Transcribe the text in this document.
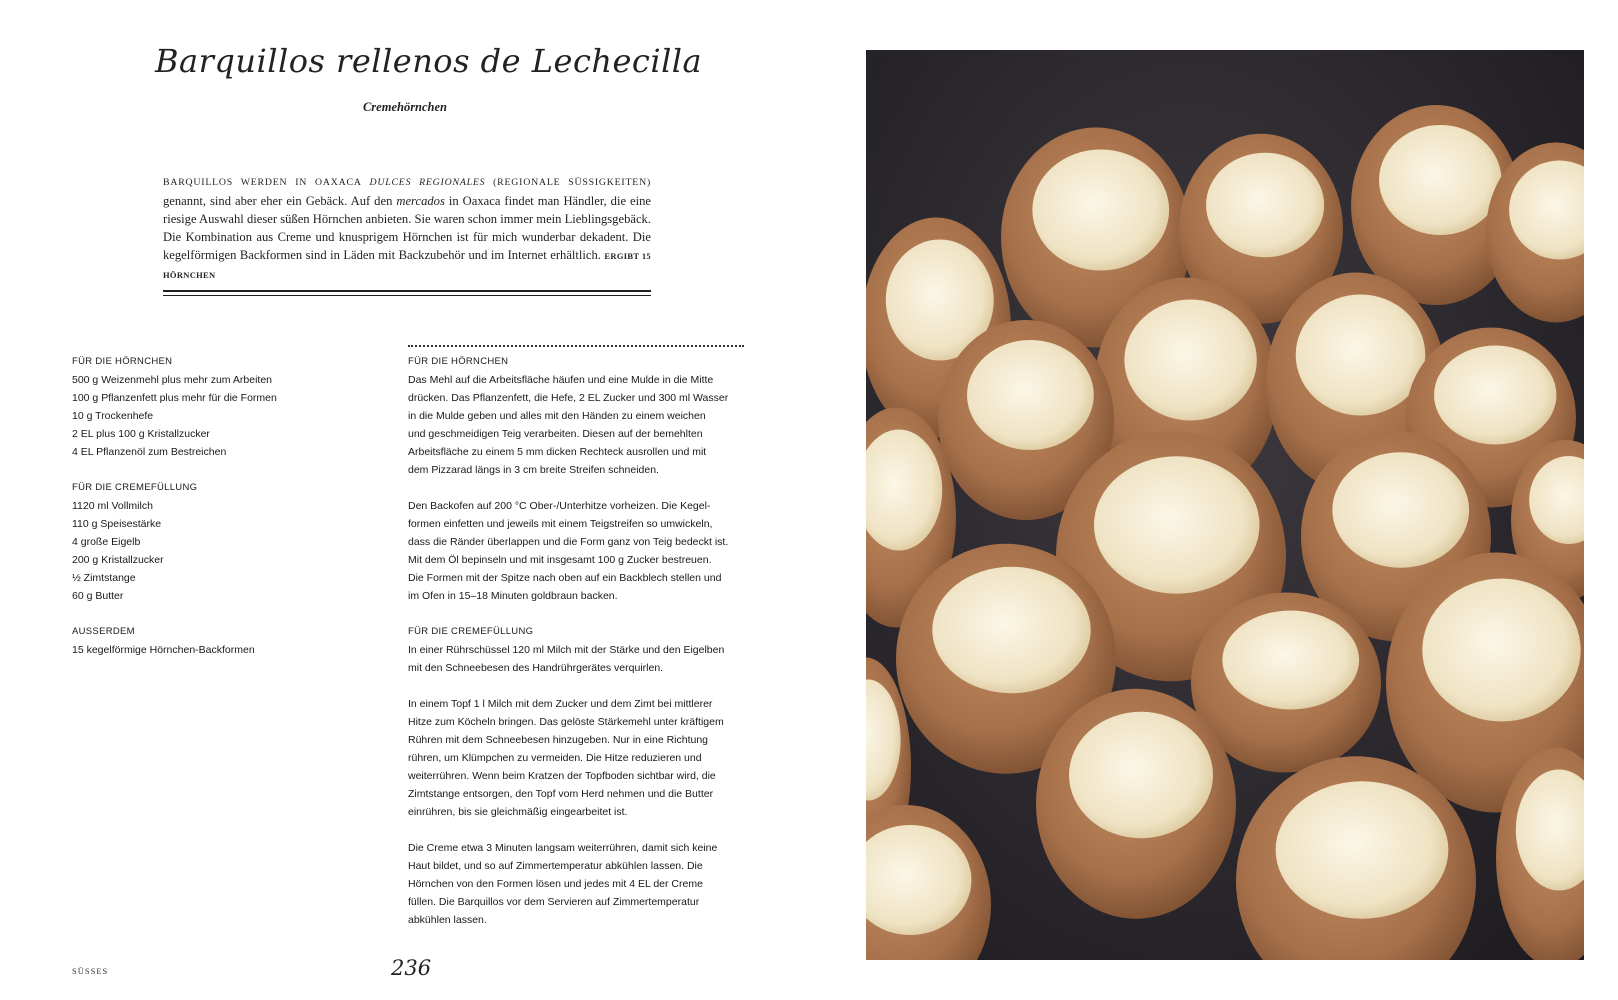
Barquillos rellenos de Lechecilla
Cremehörnchen
BARQUILLOS WERDEN IN OAXACA DULCES REGIONALES (REGIONALE SÜSSIGKEITEN) genannt, sind aber eher ein Gebäck. Auf den mercados in Oaxaca findet man Händler, die eine riesige Auswahl dieser süßen Hörnchen anbieten. Sie waren schon immer mein Lieblingsgebäck. Die Kombination aus Creme und knusprigem Hörnchen ist für mich wunderbar dekadent. Die kegelförmigen Backformen sind in Läden mit Backzubehör und im Internet erhältlich. ERGIBT 15 HÖRNCHEN
FÜR DIE HÖRNCHEN
500 g Weizenmehl plus mehr zum Arbeiten
100 g Pflanzenfett plus mehr für die Formen
10 g Trockenhefe
2 EL plus 100 g Kristallzucker
4 EL Pflanzenöl zum Bestreichen
FÜR DIE CREMEFÜLLUNG
1120 ml Vollmilch
110 g Speisestärke
4 große Eigelb
200 g Kristallzucker
½ Zimtstange
60 g Butter
AUSSERDEM
15 kegelförmige Hörnchen-Backformen
FÜR DIE HÖRNCHEN

Das Mehl auf die Arbeitsfläche häufen und eine Mulde in die Mitte
drücken. Das Pflanzenfett, die Hefe, 2 EL Zucker und 300 ml Wasser
in die Mulde geben und alles mit den Händen zu einem weichen
und geschmeidigen Teig verarbeiten. Diesen auf der bemehlten
Arbeitsfläche zu einem 5 mm dicken Rechteck ausrollen und mit
dem Pizzarad längs in 3 cm breite Streifen schneiden.

Den Backofen auf 200 °C Ober-/Unterhitze vorheizen. Die Kegel-
formen einfetten und jeweils mit einem Teigstreifen so umwickeln,
dass die Ränder überlappen und die Form ganz von Teig bedeckt ist.
Mit dem Öl bepinseln und mit insgesamt 100 g Zucker bestreuen.
Die Formen mit der Spitze nach oben auf ein Backblech stellen und
im Ofen in 15–18 Minuten goldbraun backen.

FÜR DIE CREMEFÜLLUNG

In einer Rührschüssel 120 ml Milch mit der Stärke und den Eigelben
mit den Schneebesen des Handrührgerätes verquirlen.

In einem Topf 1 l Milch mit dem Zucker und dem Zimt bei mittlerer
Hitze zum Köcheln bringen. Das gelöste Stärkemehl unter kräftigem
Rühren mit dem Schneebesen hinzugeben. Nur in eine Richtung
rühren, um Klümpchen zu vermeiden. Die Hitze reduzieren und
weiterrühren. Wenn beim Kratzen der Topfboden sichtbar wird, die
Zimtstange entsorgen, den Topf vom Herd nehmen und die Butter
einrühren, bis sie gleichmäßig eingearbeitet ist.

Die Creme etwa 3 Minuten langsam weiterrühren, damit sich keine
Haut bildet, und so auf Zimmertemperatur abkühlen lassen. Die
Hörnchen von den Formen lösen und jedes mit 4 EL der Creme
füllen. Die Barquillos vor dem Servieren auf Zimmertemperatur
abkühlen lassen.

SÜSSES	236
